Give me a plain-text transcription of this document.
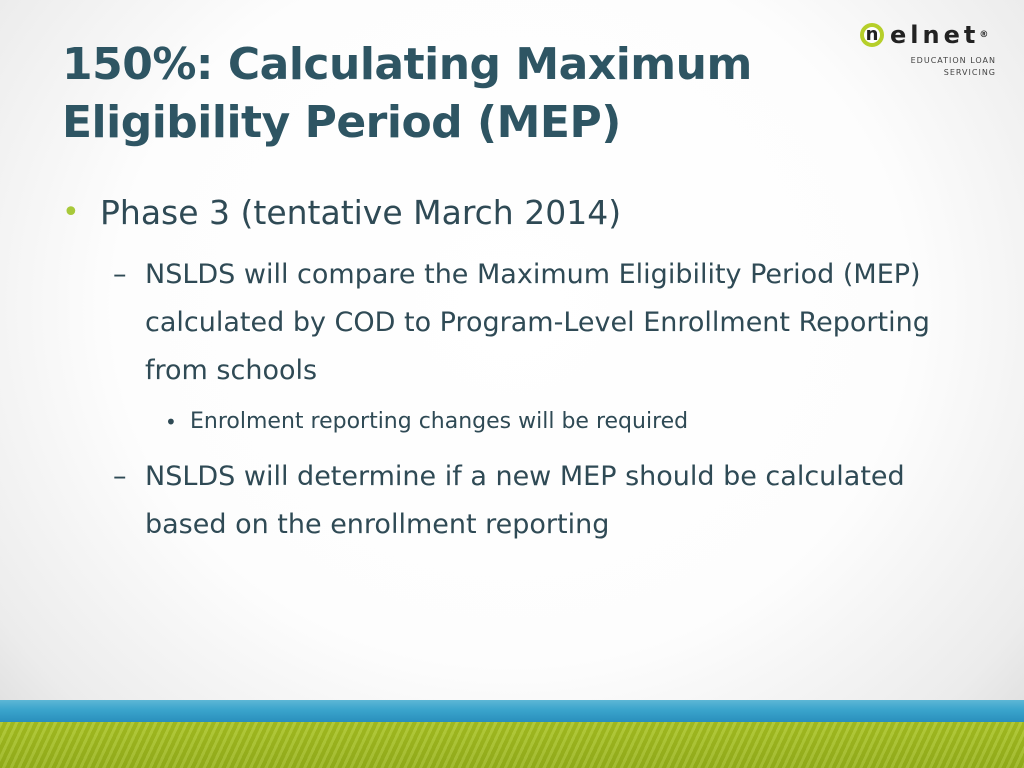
150%: Calculating Maximum Eligibility Period (MEP)
n elnet®
EDUCATION LOAN
SERVICING
• Phase 3 (tentative March 2014)
– NSLDS will compare the Maximum Eligibility Period (MEP) calculated by COD to Program-Level Enrollment Reporting from schools
• Enrolment reporting changes will be required
– NSLDS will determine if a new MEP should be calculated based on the enrollment reporting
